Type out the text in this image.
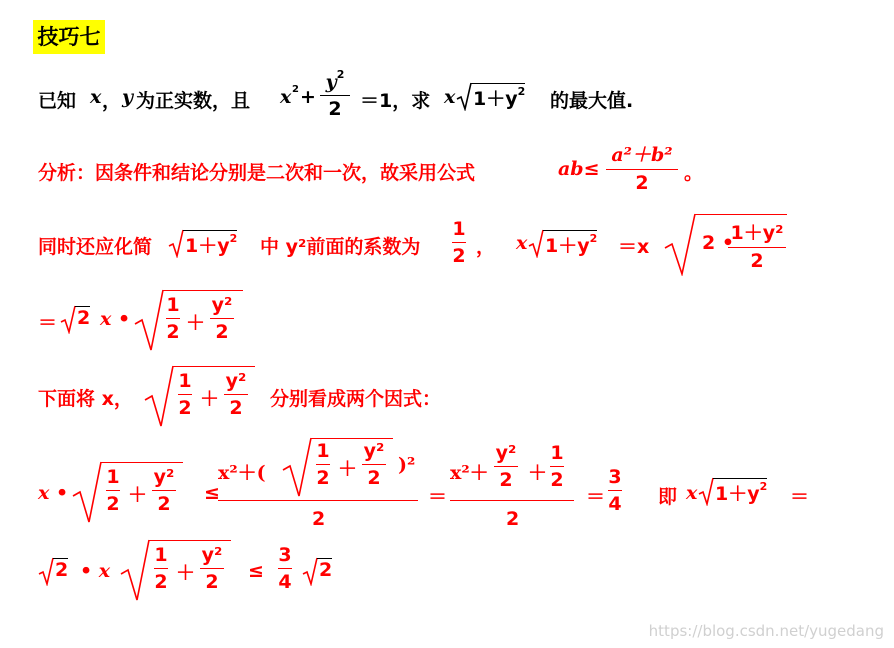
技巧七
已知 x ， y 为正实数，且 x 2 +
$y^2$
2 ＝1，求 x $1+y^2$ 的最大值.
分析：因条件和结论分别是二次和一次，故采用公式	ab≤
a²＋b²
2	。
同时还应化简 $1+y^2$ 中 y²前面的系数为
1
2 ， x $1+y^2 =x$	2 •
1＋y²
2
＝ 2 x •
1
2 ＋
y²
2
下面将 x，
1
2 ＋
y²
2 分别看成两个因式：
x •
1
2 ＋
y²
2 ≤
x²＋(
1
2 ＋
y²
2
)²
2
＝
x²＋
y²
2 ＋
1
2
2
＝
3
4 即 x $1+y^2$ ＝
2 • x
1
2 ＋
y²
2 ≤
3
4
2
https://blog.csdn.net/yugedang
